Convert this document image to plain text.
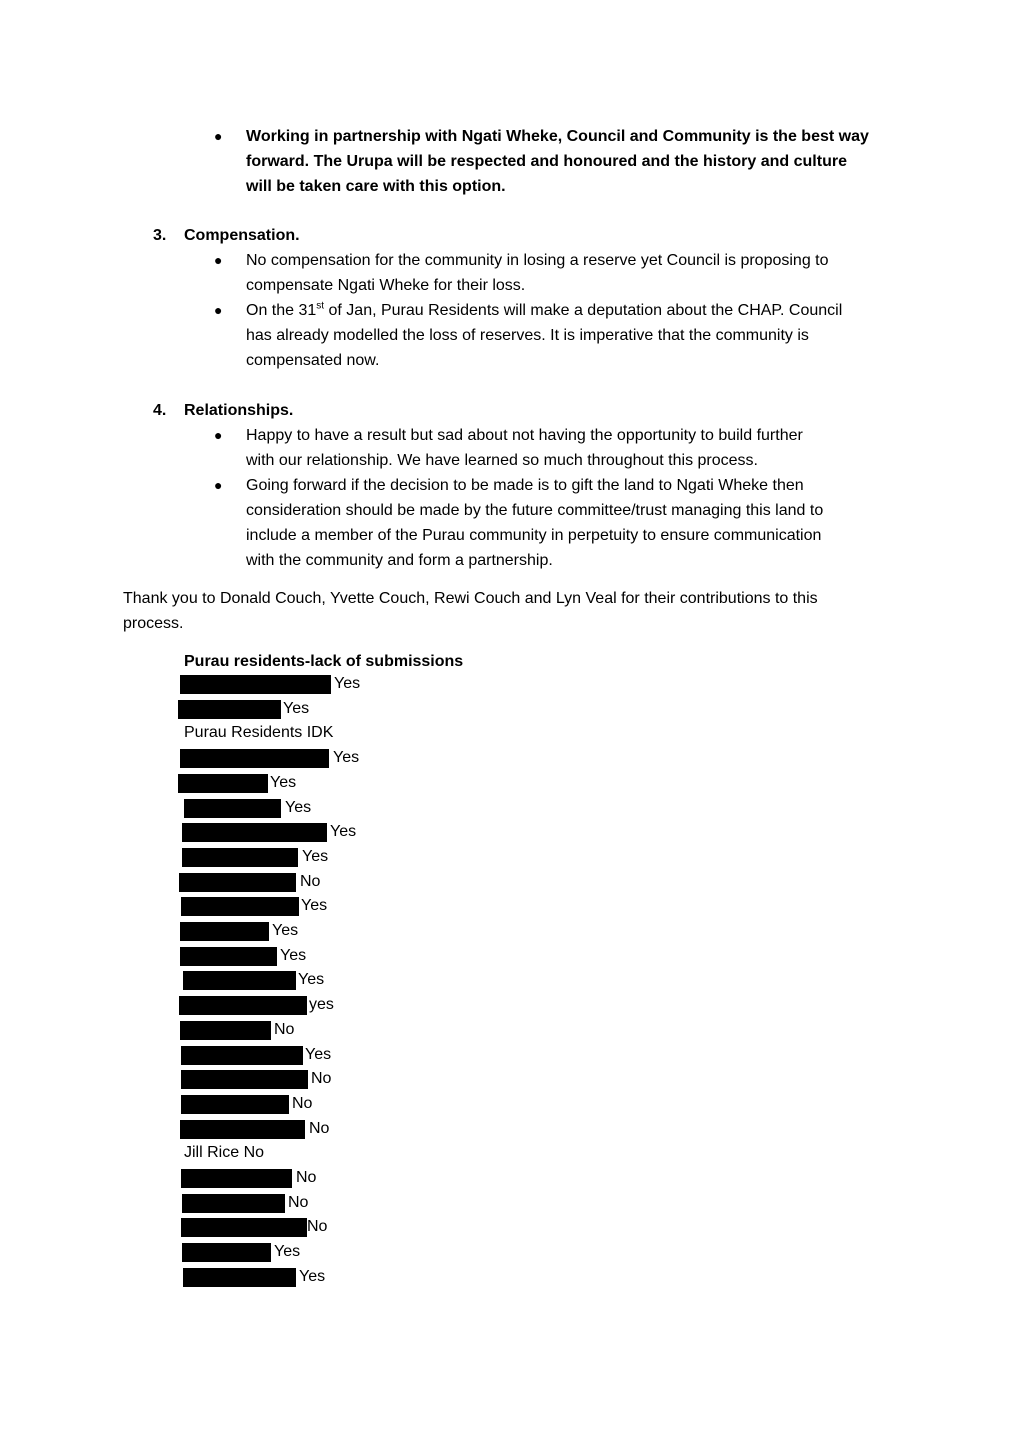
● Working in partnership with Ngati Wheke, Council and Community is the best way
forward. The Urupa will be respected and honoured and the history and culture
will be taken care with this option.
3. Compensation.
● No compensation for the community in losing a reserve yet Council is proposing to
compensate Ngati Wheke for their loss.
● On the 31st of Jan, Purau Residents will make a deputation about the CHAP. Council
has already modelled the loss of reserves. It is imperative that the community is
compensated now.
4. Relationships.
● Happy to have a result but sad about not having the opportunity to build further
with our relationship. We have learned so much throughout this process.
● Going forward if the decision to be made is to gift the land to Ngati Wheke then
consideration should be made by the future committee/trust managing this land to
include a member of the Purau community in perpetuity to ensure communication
with the community and form a partnership.
Thank you to Donald Couch, Yvette Couch, Rewi Couch and Lyn Veal for their contributions to this
process.
Purau residents-lack of submissions
Yes
Yes
Purau Residents IDK
Yes
Yes
Yes
Yes
Yes
No
Yes
Yes
Yes
Yes
yes
No
Yes
No
No
No
Jill Rice No
No
No
No
Yes
Yes
